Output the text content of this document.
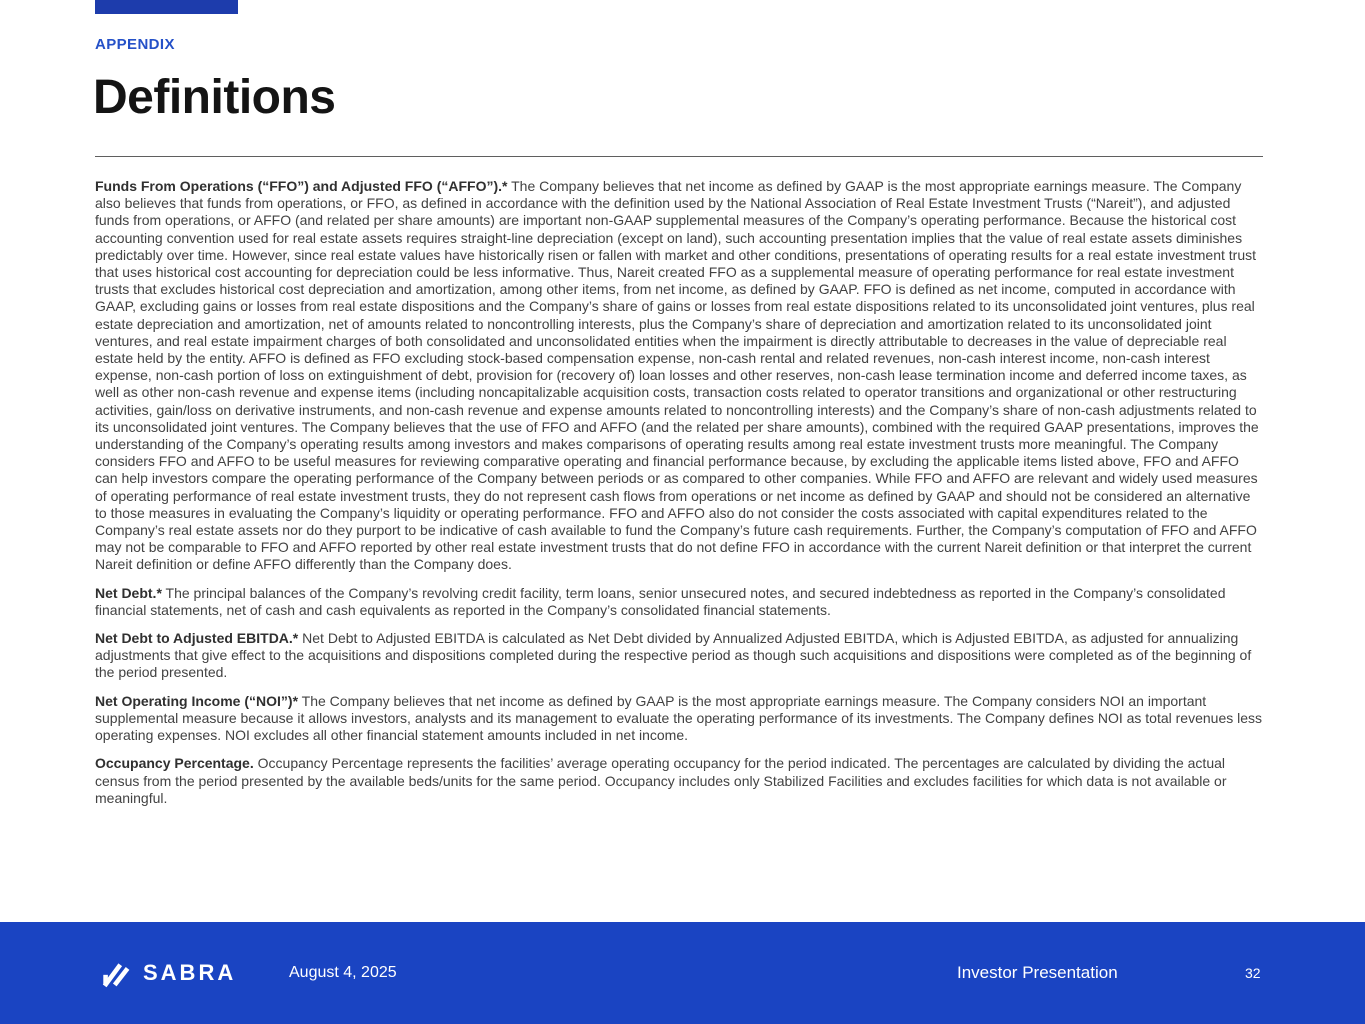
APPENDIX
Definitions

Funds From Operations (“FFO”) and Adjusted FFO (“AFFO”).* The Company believes that net income as defined by GAAP is the most appropriate earnings measure. The Company also believes that funds from operations, or FFO, as defined in accordance with the definition used by the National Association of Real Estate Investment Trusts (“Nareit”), and adjusted funds from operations, or AFFO (and related per share amounts) are important non-GAAP supplemental measures of the Company’s operating performance. Because the historical cost accounting convention used for real estate assets requires straight-line depreciation (except on land), such accounting presentation implies that the value of real estate assets diminishes predictably over time. However, since real estate values have historically risen or fallen with market and other conditions, presentations of operating results for a real estate investment trust that uses historical cost accounting for depreciation could be less informative. Thus, Nareit created FFO as a supplemental measure of operating performance for real estate investment trusts that excludes historical cost depreciation and amortization, among other items, from net income, as defined by GAAP. FFO is defined as net income, computed in accordance with GAAP, excluding gains or losses from real estate dispositions and the Company’s share of gains or losses from real estate dispositions related to its unconsolidated joint ventures, plus real estate depreciation and amortization, net of amounts related to noncontrolling interests, plus the Company’s share of depreciation and amortization related to its unconsolidated joint ventures, and real estate impairment charges of both consolidated and unconsolidated entities when the impairment is directly attributable to decreases in the value of depreciable real estate held by the entity. AFFO is defined as FFO excluding stock-based compensation expense, non-cash rental and related revenues, non-cash interest income, non-cash interest expense, non-cash portion of loss on extinguishment of debt, provision for (recovery of) loan losses and other reserves, non-cash lease termination income and deferred income taxes, as well as other non-cash revenue and expense items (including noncapitalizable acquisition costs, transaction costs related to operator transitions and organizational or other restructuring activities, gain/loss on derivative instruments, and non-cash revenue and expense amounts related to noncontrolling interests) and the Company’s share of non-cash adjustments related to its unconsolidated joint ventures. The Company believes that the use of FFO and AFFO (and the related per share amounts), combined with the required GAAP presentations, improves the understanding of the Company’s operating results among investors and makes comparisons of operating results among real estate investment trusts more meaningful. The Company considers FFO and AFFO to be useful measures for reviewing comparative operating and financial performance because, by excluding the applicable items listed above, FFO and AFFO can help investors compare the operating performance of the Company between periods or as compared to other companies. While FFO and AFFO are relevant and widely used measures of operating performance of real estate investment trusts, they do not represent cash flows from operations or net income as defined by GAAP and should not be considered an alternative to those measures in evaluating the Company’s liquidity or operating performance. FFO and AFFO also do not consider the costs associated with capital expenditures related to the Company’s real estate assets nor do they purport to be indicative of cash available to fund the Company’s future cash requirements. Further, the Company’s computation of FFO and AFFO may not be comparable to FFO and AFFO reported by other real estate investment trusts that do not define FFO in accordance with the current Nareit definition or that interpret the current Nareit definition or define AFFO differently than the Company does.

Net Debt.* The principal balances of the Company’s revolving credit facility, term loans, senior unsecured notes, and secured indebtedness as reported in the Company’s consolidated financial statements, net of cash and cash equivalents as reported in the Company’s consolidated financial statements.

Net Debt to Adjusted EBITDA.* Net Debt to Adjusted EBITDA is calculated as Net Debt divided by Annualized Adjusted EBITDA, which is Adjusted EBITDA, as adjusted for annualizing adjustments that give effect to the acquisitions and dispositions completed during the respective period as though such acquisitions and dispositions were completed as of the beginning of the period presented.

Net Operating Income (“NOI”)* The Company believes that net income as defined by GAAP is the most appropriate earnings measure. The Company considers NOI an important supplemental measure because it allows investors, analysts and its management to evaluate the operating performance of its investments. The Company defines NOI as total revenues less operating expenses. NOI excludes all other financial statement amounts included in net income.

Occupancy Percentage. Occupancy Percentage represents the facilities’ average operating occupancy for the period indicated. The percentages are calculated by dividing the actual census from the period presented by the available beds/units for the same period. Occupancy includes only Stabilized Facilities and excludes facilities for which data is not available or meaningful.

SABRA	August 4, 2025	Investor Presentation	32
